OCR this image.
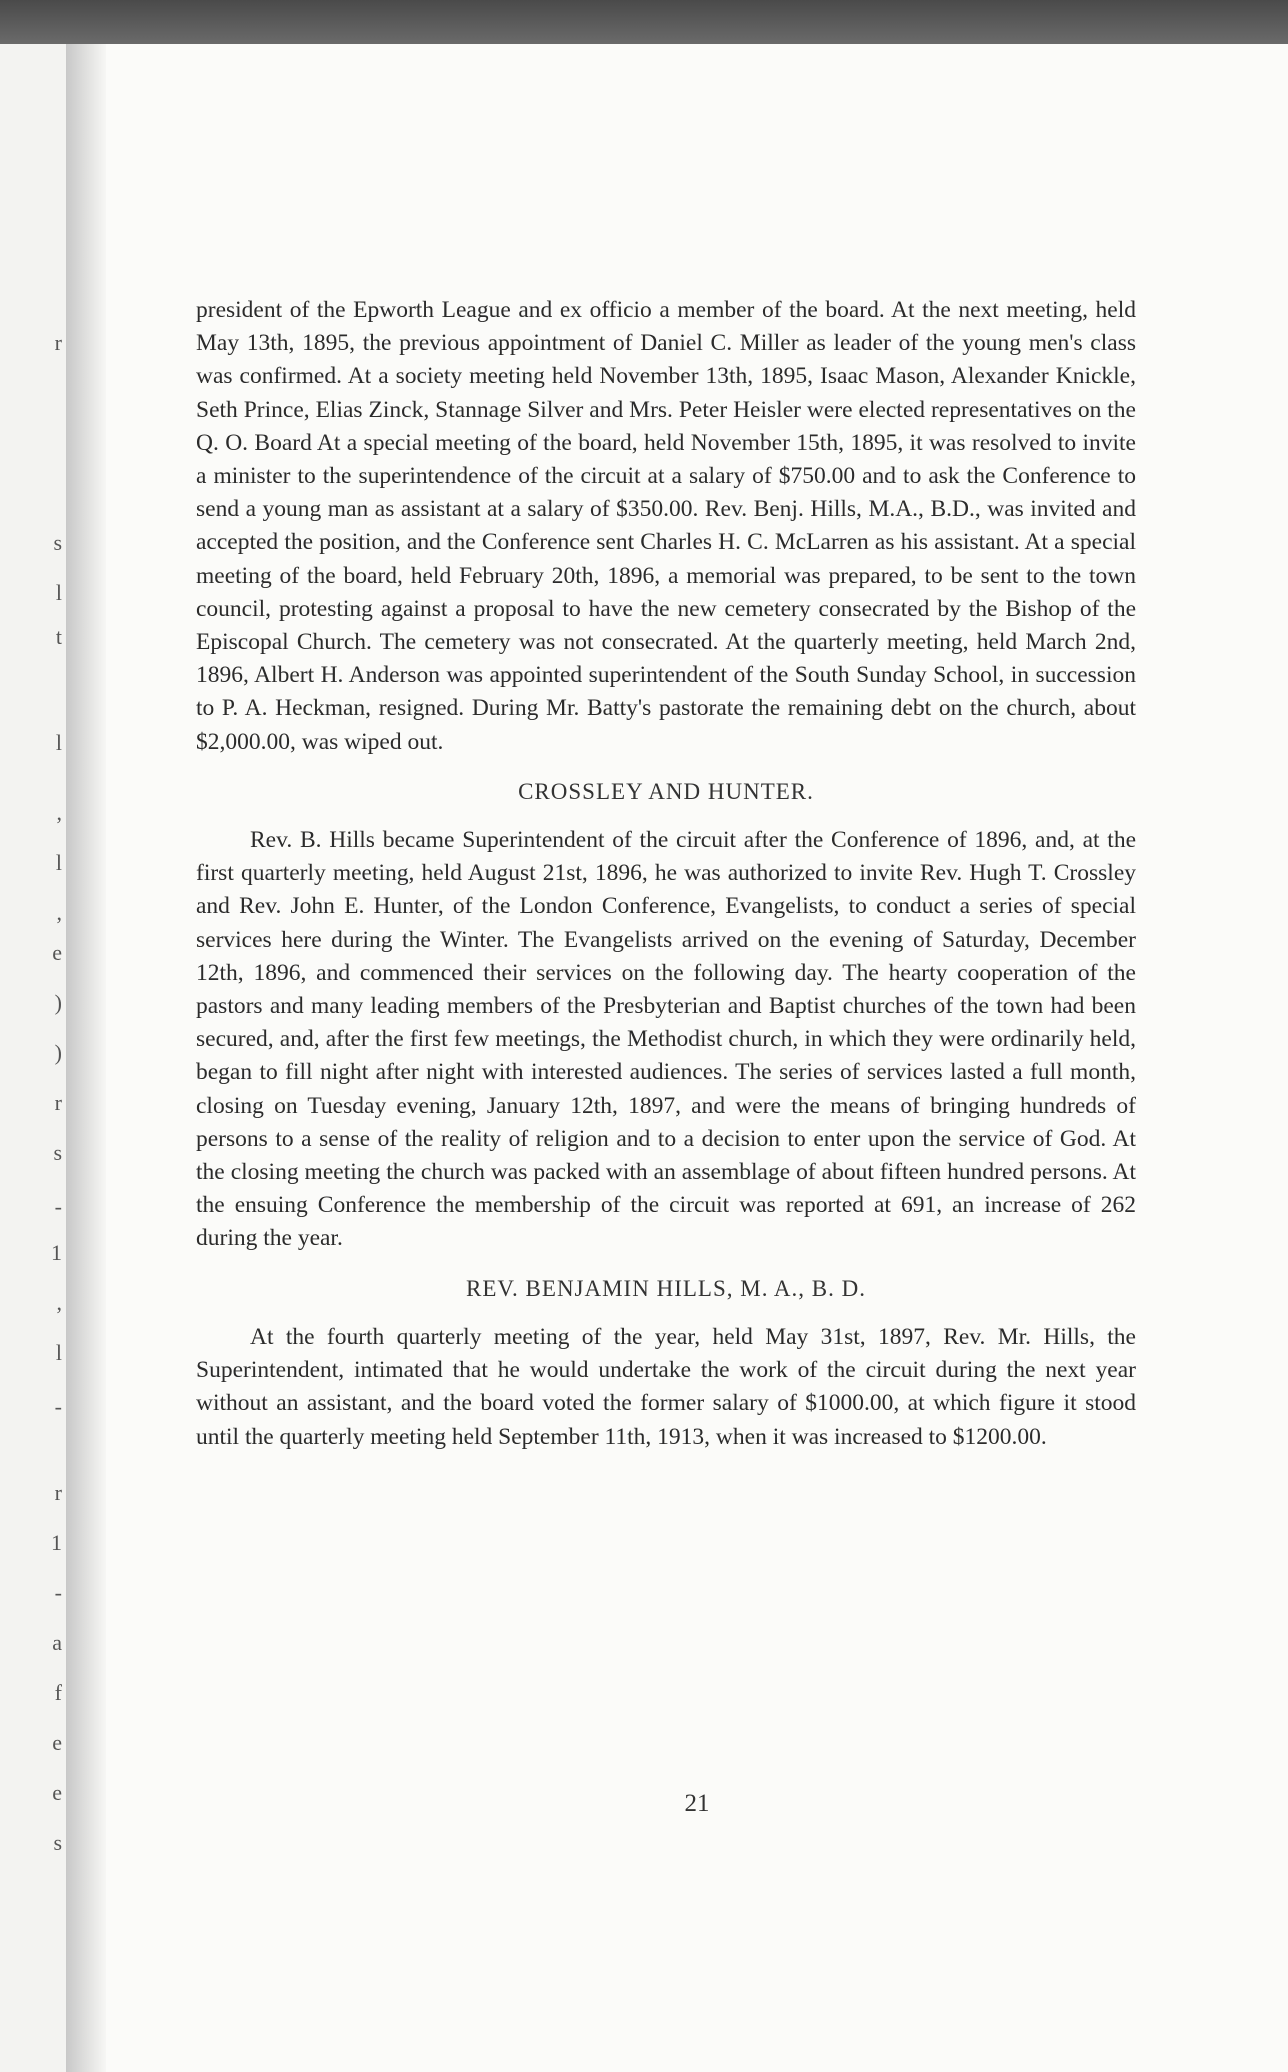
r
s
l
t
l
,
l
,
e
)
)
r
s
-
1
,
l
-
r
1
-
a
f
e
e
s

president of the Epworth League and ex officio a member of the board. At the next meeting, held May 13th, 1895, the previous appointment of Daniel C. Miller as leader of the young men's class was confirmed. At a society meeting held November 13th, 1895, Isaac Mason, Alexander Knickle, Seth Prince, Elias Zinck, Stannage Silver and Mrs. Peter Heisler were elected representatives on the Q. O. Board At a special meeting of the board, held November 15th, 1895, it was resolved to invite a minister to the superintendence of the circuit at a salary of $750.00 and to ask the Conference to send a young man as assistant at a salary of $350.00. Rev. Benj. Hills, M.A., B.D., was invited and accepted the position, and the Conference sent Charles H. C. McLarren as his assistant. At a special meeting of the board, held February 20th, 1896, a memorial was prepared, to be sent to the town council, protesting against a proposal to have the new cemetery consecrated by the Bishop of the Episcopal Church. The cemetery was not consecrated. At the quarterly meeting, held March 2nd, 1896, Albert H. Anderson was appointed superintendent of the South Sunday School, in succession to P. A. Heckman, resigned. During Mr. Batty's pastorate the remaining debt on the church, about $2,000.00, was wiped out.

CROSSLEY AND HUNTER.

Rev. B. Hills became Superintendent of the circuit after the Conference of 1896, and, at the first quarterly meeting, held August 21st, 1896, he was authorized to invite Rev. Hugh T. Crossley and Rev. John E. Hunter, of the London Conference, Evangelists, to conduct a series of special services here during the Winter. The Evangelists arrived on the evening of Saturday, December 12th, 1896, and commenced their services on the following day. The hearty cooperation of the pastors and many leading members of the Presbyterian and Baptist churches of the town had been secured, and, after the first few meetings, the Methodist church, in which they were ordinarily held, began to fill night after night with interested audiences. The series of services lasted a full month, closing on Tuesday evening, January 12th, 1897, and were the means of bringing hundreds of persons to a sense of the reality of religion and to a decision to enter upon the service of God. At the closing meeting the church was packed with an assemblage of about fifteen hundred persons. At the ensuing Conference the membership of the circuit was reported at 691, an increase of 262 during the year.

REV. BENJAMIN HILLS, M. A., B. D.

At the fourth quarterly meeting of the year, held May 31st, 1897, Rev. Mr. Hills, the Superintendent, intimated that he would undertake the work of the circuit during the next year without an assistant, and the board voted the former salary of $1000.00, at which figure it stood until the quarterly meeting held September 11th, 1913, when it was increased to $1200.00.

21
